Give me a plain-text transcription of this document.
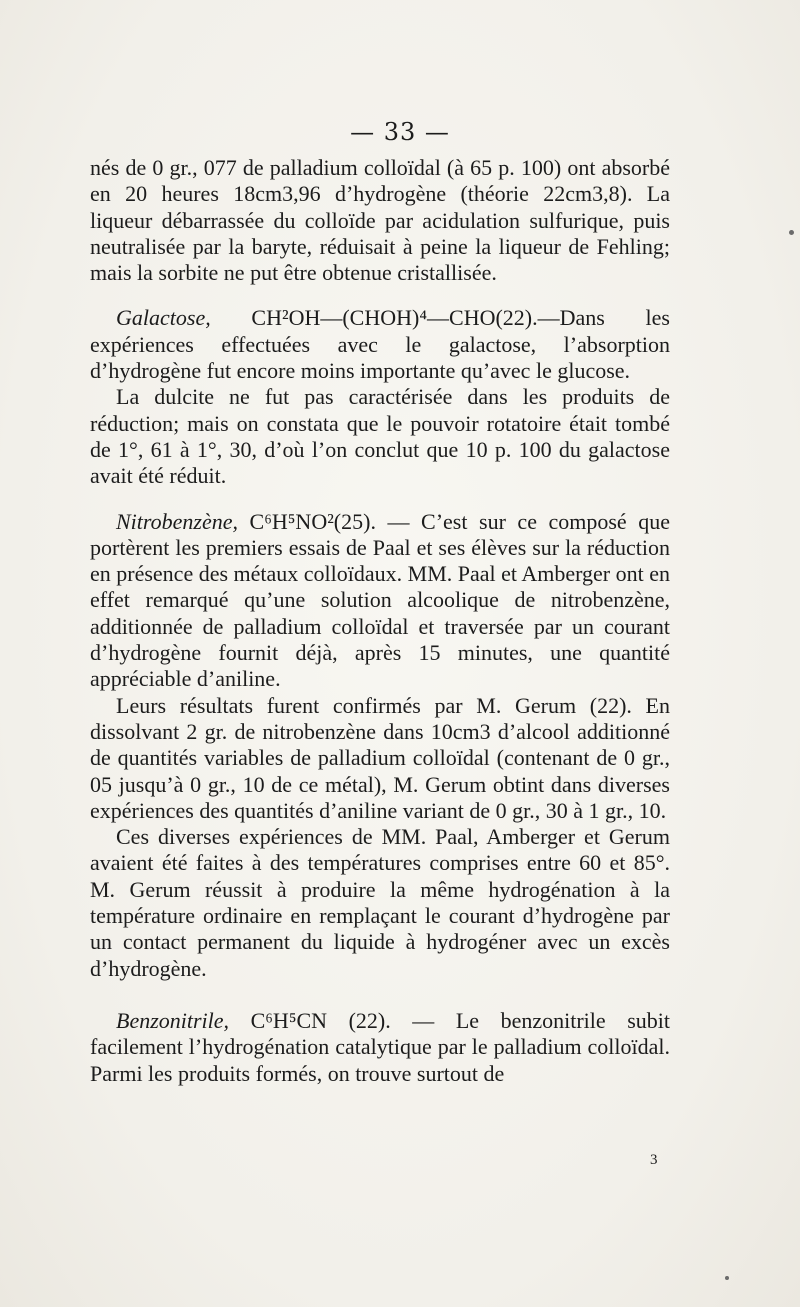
— 33 —

nés de 0 gr., 077 de palladium colloïdal (à 65 p. 100) ont absorbé en 20 heures 18cm3,96 d’hydrogène (théorie 22cm3,8). La liqueur débarrassée du colloïde par acidulation sulfurique, puis neutralisée par la baryte, réduisait à peine la liqueur de Fehling; mais la sorbite ne put être obtenue cristallisée.

Galactose, CH²OH—(CHOH)⁴—CHO(22).—Dans les expériences effectuées avec le galactose, l’absorption d’hydrogène fut encore moins importante qu’avec le glucose.

La dulcite ne fut pas caractérisée dans les produits de réduction; mais on constata que le pouvoir rotatoire était tombé de 1°, 61 à 1°, 30, d’où l’on conclut que 10 p. 100 du galactose avait été réduit.

Nitrobenzène, C⁶H⁵NO²(25). — C’est sur ce composé que portèrent les premiers essais de Paal et ses élèves sur la réduction en présence des métaux colloïdaux. MM. Paal et Amberger ont en effet remarqué qu’une solution alcoolique de nitrobenzène, additionnée de palladium colloïdal et traversée par un courant d’hydrogène fournit déjà, après 15 minutes, une quantité appréciable d’aniline.

Leurs résultats furent confirmés par M. Gerum (22). En dissolvant 2 gr. de nitrobenzène dans 10cm3 d’alcool additionné de quantités variables de palladium colloïdal (contenant de 0 gr., 05 jusqu’à 0 gr., 10 de ce métal), M. Gerum obtint dans diverses expériences des quantités d’aniline variant de 0 gr., 30 à 1 gr., 10.

Ces diverses expériences de MM. Paal, Amberger et Gerum avaient été faites à des températures comprises entre 60 et 85°. M. Gerum réussit à produire la même hydrogénation à la température ordinaire en remplaçant le courant d’hydrogène par un contact permanent du liquide à hydrogéner avec un excès d’hydrogène.

Benzonitrile, C⁶H⁵CN (22). — Le benzonitrile subit facilement l’hydrogénation catalytique par le palladium colloïdal. Parmi les produits formés, on trouve surtout de

3
